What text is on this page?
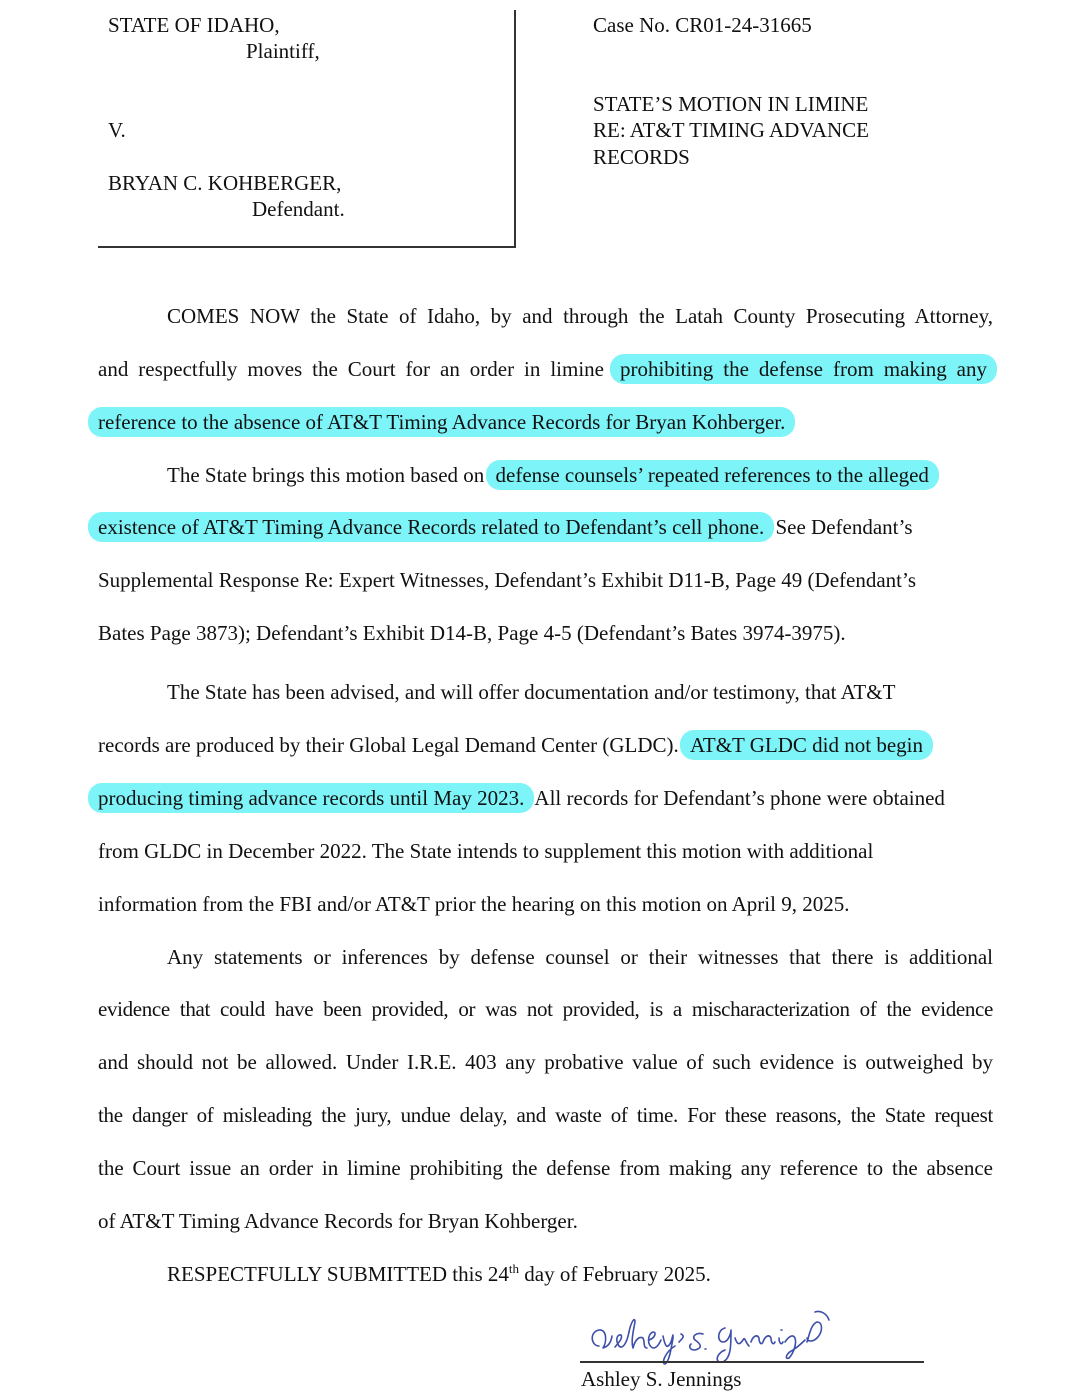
STATE OF IDAHO,
Plaintiff,
V.
BRYAN C. KOHBERGER,
Defendant.
Case No. CR01-24-31665
STATE’S MOTION IN LIMINE
RE: AT&T TIMING ADVANCE
RECORDS
COMES NOW the State of Idaho, by and through the Latah County Prosecuting Attorney,
and respectfully moves the Court for an order in limine prohibiting the defense from making any
reference to the absence of AT&T Timing Advance Records for Bryan Kohberger.
The State brings this motion based on defense counsels’ repeated references to the alleged
existence of AT&T Timing Advance Records related to Defendant’s cell phone. See Defendant’s
Supplemental Response Re: Expert Witnesses, Defendant’s Exhibit D11-B, Page 49 (Defendant’s
Bates Page 3873); Defendant’s Exhibit D14-B, Page 4-5 (Defendant’s Bates 3974-3975).
The State has been advised, and will offer documentation and/or testimony, that AT&T
records are produced by their Global Legal Demand Center (GLDC). AT&T GLDC did not begin
producing timing advance records until May 2023. All records for Defendant’s phone were obtained
from GLDC in December 2022. The State intends to supplement this motion with additional
information from the FBI and/or AT&T prior the hearing on this motion on April 9, 2025.
Any statements or inferences by defense counsel or their witnesses that there is additional
evidence that could have been provided, or was not provided, is a mischaracterization of the evidence
and should not be allowed. Under I.R.E. 403 any probative value of such evidence is outweighed by
the danger of misleading the jury, undue delay, and waste of time. For these reasons, the State request
the Court issue an order in limine prohibiting the defense from making any reference to the absence
of AT&T Timing Advance Records for Bryan Kohberger.
RESPECTFULLY SUBMITTED this 24th day of February 2025.
Ashley S. Jennings
